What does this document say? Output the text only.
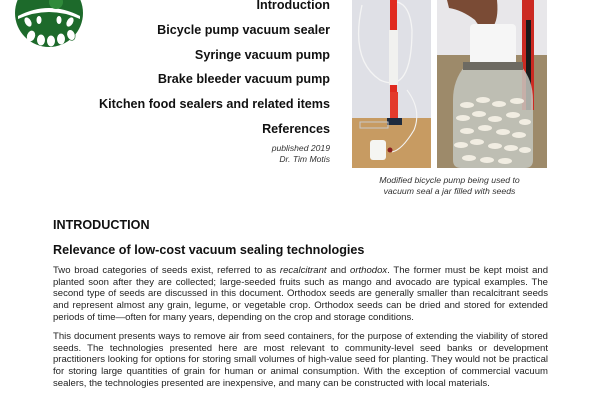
Introduction
Bicycle pump vacuum sealer
Syringe vacuum pump
Brake bleeder vacuum pump
Kitchen food sealers and related items
References
published 2019
Dr. Tim Motis
Modified bicycle pump being used to
vacuum seal a jar filled with seeds
INTRODUCTION
Relevance of low-cost vacuum sealing technologies
Two broad categories of seeds exist, referred to as recalcitrant and orthodox. The former must be kept moist and planted soon after they are collected; large-seeded fruits such as mango and avocado are typical examples. The second type of seeds are discussed in this document. Orthodox seeds are generally smaller than recalcitrant seeds and represent almost any grain, legume, or vegetable crop. Orthodox seeds can be dried and stored for extended periods of time—often for many years, depending on the crop and storage conditions.
This document presents ways to remove air from seed containers, for the purpose of extending the viability of stored seeds. The technologies presented here are most relevant to community-level seed banks or development practitioners looking for options for storing small volumes of high-value seed for planting. They would not be practical for storing large quantities of grain for human or animal consumption. With the exception of commercial vacuum sealers, the technologies presented are inexpensive, and many can be constructed with local materials.
